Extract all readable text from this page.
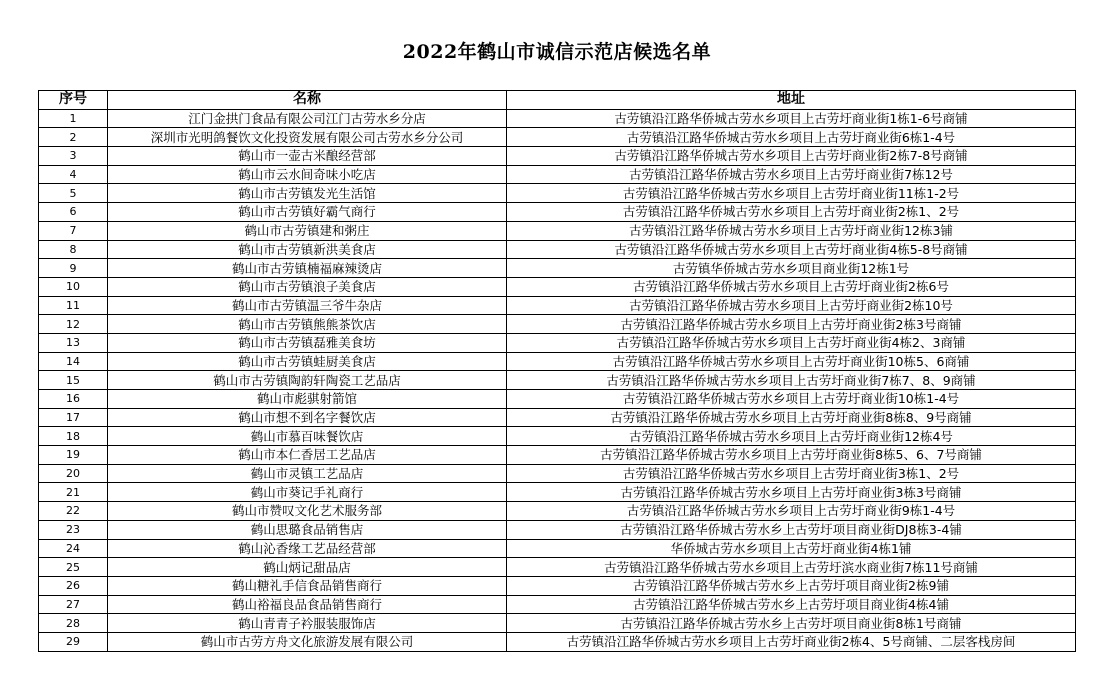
2022年鹤山市诚信示范店候选名单
序号	名称	地址
1	江门金拱门食品有限公司江门古劳水乡分店	古劳镇沿江路华侨城古劳水乡项目上古劳圩商业街1栋1-6号商铺
2	深圳市光明鸽餐饮文化投资发展有限公司古劳水乡分公司	古劳镇沿江路华侨城古劳水乡项目上古劳圩商业街6栋1-4号
3	鹤山市一壶古米酿经营部	古劳镇沿江路华侨城古劳水乡项目上古劳圩商业街2栋7-8号商铺
4	鹤山市云水间奇味小吃店	古劳镇沿江路华侨城古劳水乡项目上古劳圩商业街7栋12号
5	鹤山市古劳镇发光生活馆	古劳镇沿江路华侨城古劳水乡项目上古劳圩商业街11栋1-2号
6	鹤山市古劳镇好霸气商行	古劳镇沿江路华侨城古劳水乡项目上古劳圩商业街2栋1、2号
7	鹤山市古劳镇建和粥庄	古劳镇沿江路华侨城古劳水乡项目上古劳圩商业街12栋3铺
8	鹤山市古劳镇新洪美食店	古劳镇沿江路华侨城古劳水乡项目上古劳圩商业街4栋5-8号商铺
9	鹤山市古劳镇楠福麻辣烫店	古劳镇华侨城古劳水乡项目商业街12栋1号
10	鹤山市古劳镇浪子美食店	古劳镇沿江路华侨城古劳水乡项目上古劳圩商业街2栋6号
11	鹤山市古劳镇温三爷牛杂店	古劳镇沿江路华侨城古劳水乡项目上古劳圩商业街2栋10号
12	鹤山市古劳镇熊熊茶饮店	古劳镇沿江路华侨城古劳水乡项目上古劳圩商业街2栋3号商铺
13	鹤山市古劳镇磊雅美食坊	古劳镇沿江路华侨城古劳水乡项目上古劳圩商业街4栋2、3商铺
14	鹤山市古劳镇蛙厨美食店	古劳镇沿江路华侨城古劳水乡项目上古劳圩商业街10栋5、6商铺
15	鹤山市古劳镇陶韵轩陶瓷工艺品店	古劳镇沿江路华侨城古劳水乡项目上古劳圩商业街7栋7、8、9商铺
16	鹤山市彪骐射箭馆	古劳镇沿江路华侨城古劳水乡项目上古劳圩商业街10栋1-4号
17	鹤山市想不到名字餐饮店	古劳镇沿江路华侨城古劳水乡项目上古劳圩商业街8栋8、9号商铺
18	鹤山市慕百味餐饮店	古劳镇沿江路华侨城古劳水乡项目上古劳圩商业街12栋4号
19	鹤山市本仁香居工艺品店	古劳镇沿江路华侨城古劳水乡项目上古劳圩商业街8栋5、6、7号商铺
20	鹤山市灵镇工艺品店	古劳镇沿江路华侨城古劳水乡项目上古劳圩商业街3栋1、2号
21	鹤山市葵记手礼商行	古劳镇沿江路华侨城古劳水乡项目上古劳圩商业街3栋3号商铺
22	鹤山市赞叹文化艺术服务部	古劳镇沿江路华侨城古劳水乡项目上古劳圩商业街9栋1-4号
23	鹤山思璐食品销售店	古劳镇沿江路华侨城古劳水乡上古劳圩项目商业街DJ8栋3-4铺
24	鹤山沁香缘工艺品经营部	华侨城古劳水乡项目上古劳圩商业街4栋1铺
25	鹤山炳记甜品店	古劳镇沿江路华侨城古劳水乡项目上古劳圩滨水商业街7栋11号商铺
26	鹤山糖礼手信食品销售商行	古劳镇沿江路华侨城古劳水乡上古劳圩项目商业街2栋9铺
27	鹤山裕福良品食品销售商行	古劳镇沿江路华侨城古劳水乡上古劳圩项目商业街4栋4铺
28	鹤山青青子衿服装服饰店	古劳镇沿江路华侨城古劳水乡上古劳圩项目商业街8栋1号商铺
29	鹤山市古劳方舟文化旅游发展有限公司	古劳镇沿江路华侨城古劳水乡项目上古劳圩商业街2栋4、5号商铺、二层客栈房间
